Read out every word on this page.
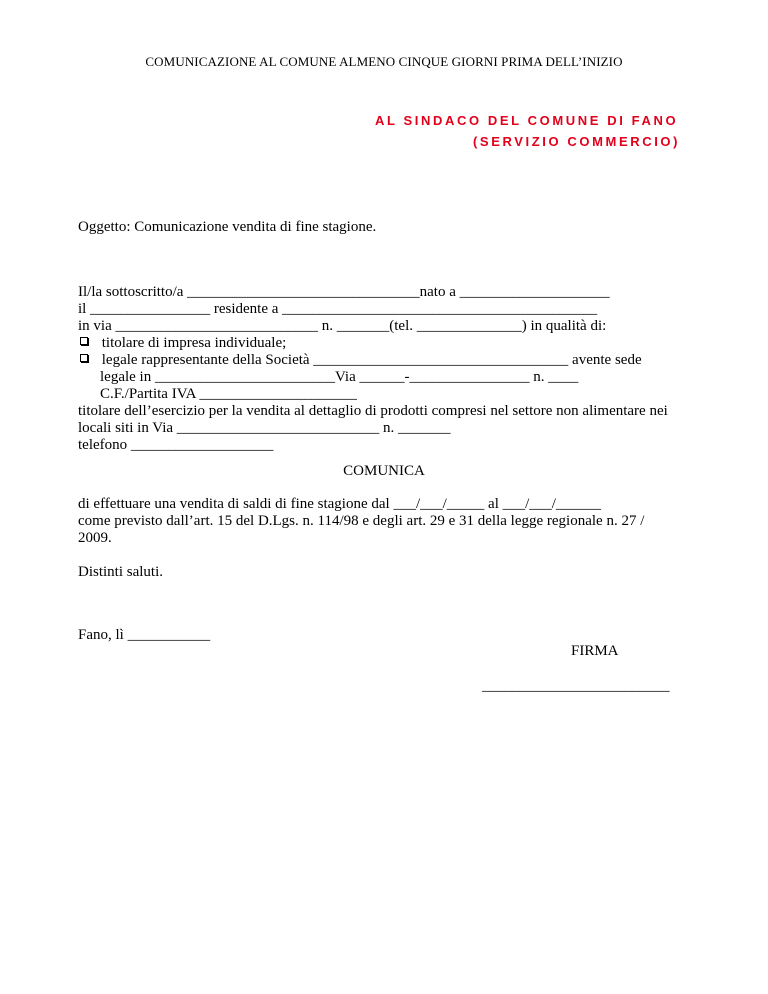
COMUNICAZIONE AL COMUNE ALMENO CINQUE GIORNI PRIMA DELL’INIZIO
AL SINDACO DEL COMUNE DI FANO
(SERVIZIO COMMERCIO)
Oggetto: Comunicazione vendita di fine stagione.
Il/la sottoscritto/a _______________________________nato a ____________________
il ________________ residente a __________________________________________
in via ___________________________ n. _______(tel. ______________) in qualità di:
titolare di impresa individuale;
legale rappresentante della Società __________________________________ avente sede
legale in ________________________Via ______-________________ n. ____
C.F./Partita IVA _____________________
titolare dell’esercizio per la vendita al dettaglio di prodotti compresi nel settore non alimentare nei
locali siti in Via ___________________________ n. _______
telefono ___________________
COMUNICA
di effettuare una vendita di saldi di fine stagione dal ___/___/_____ al ___/___/______
come previsto dall’art. 15 del D.Lgs. n. 114/98 e degli art. 29 e 31 della legge regionale n. 27 /
2009.
Distinti saluti.
Fano, lì ___________
FIRMA
_________________________
